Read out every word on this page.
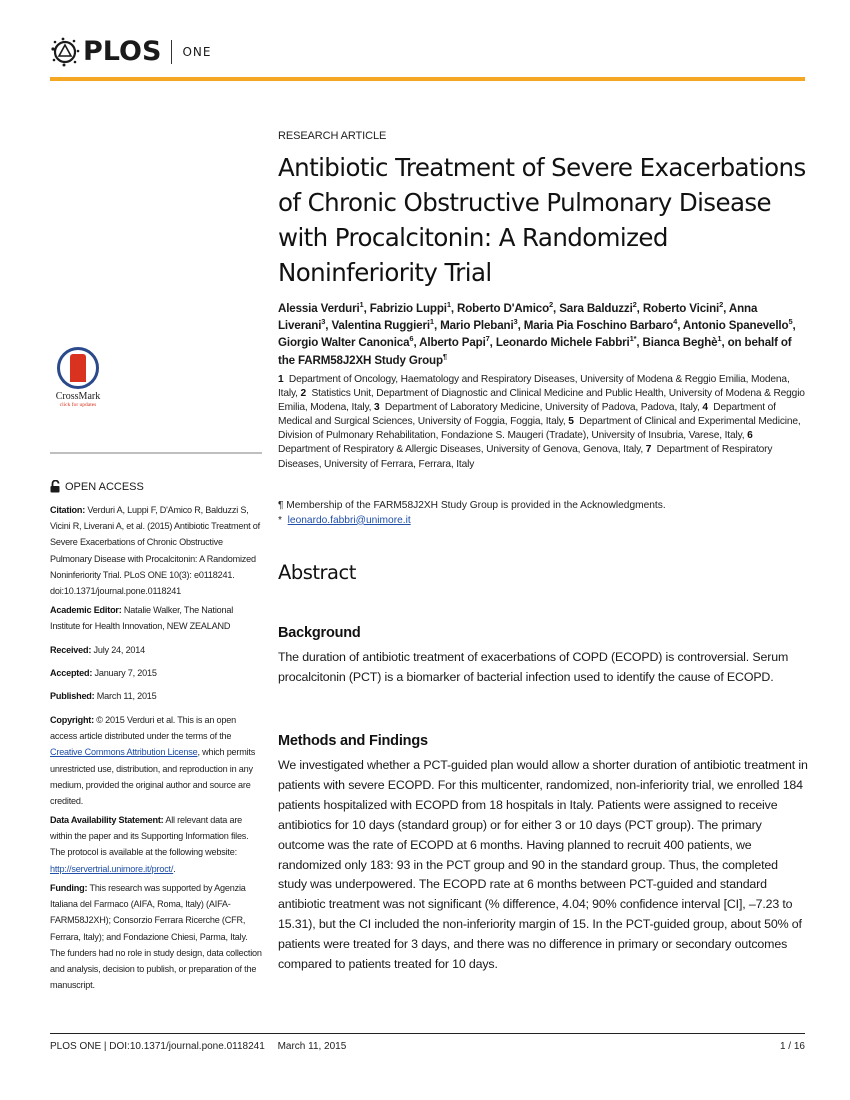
PLOS ONE
CrossMark
click for updates
OPEN ACCESS
Citation: Verduri A, Luppi F, D'Amico R, Balduzzi S, Vicini R, Liverani A, et al. (2015) Antibiotic Treatment of Severe Exacerbations of Chronic Obstructive Pulmonary Disease with Procalcitonin: A Randomized Noninferiority Trial. PLoS ONE 10(3): e0118241. doi:10.1371/journal.pone.0118241
Academic Editor: Natalie Walker, The National Institute for Health Innovation, NEW ZEALAND
Received: July 24, 2014
Accepted: January 7, 2015
Published: March 11, 2015
Copyright: © 2015 Verduri et al. This is an open access article distributed under the terms of the Creative Commons Attribution License, which permits unrestricted use, distribution, and reproduction in any medium, provided the original author and source are credited.
Data Availability Statement: All relevant data are within the paper and its Supporting Information files. The protocol is available at the following website: http://servertrial.unimore.it/proct/.
Funding: This research was supported by Agenzia Italiana del Farmaco (AIFA, Roma, Italy) (AIFA-FARM58J2XH); Consorzio Ferrara Ricerche (CFR, Ferrara, Italy); and Fondazione Chiesi, Parma, Italy. The funders had no role in study design, data collection and analysis, decision to publish, or preparation of the manuscript.
RESEARCH ARTICLE
Antibiotic Treatment of Severe Exacerbations of Chronic Obstructive Pulmonary Disease with Procalcitonin: A Randomized Noninferiority Trial
Alessia Verduri$^1$, Fabrizio Luppi$^1$, Roberto D'Amico$^2$, Sara Balduzzi$^2$, Roberto Vicini$^2$, Anna Liverani$^3$, Valentina Ruggieri$^1$, Mario Plebani$^3$, Maria Pia Foschino Barbaro$^4$, Antonio Spanevello$^5$, Giorgio Walter Canonica$^6$, Alberto Papi$^7$, Leonardo Michele Fabbri$^{1*}$, Bianca Beghè$^1$, on behalf of the FARM58J2XH Study Group¶
1  Department of Oncology, Haematology and Respiratory Diseases, University of Modena & Reggio Emilia, Modena, Italy, 2  Statistics Unit, Department of Diagnostic and Clinical Medicine and Public Health, University of Modena & Reggio Emilia, Modena, Italy, 3  Department of Laboratory Medicine, University of Padova, Padova, Italy, 4  Department of Medical and Surgical Sciences, University of Foggia, Foggia, Italy, 5  Department of Clinical and Experimental Medicine, Division of Pulmonary Rehabilitation, Fondazione S. Maugeri (Tradate), University of Insubria, Varese, Italy, 6  Department of Respiratory & Allergic Diseases, University of Genova, Genova, Italy, 7  Department of Respiratory Diseases, University of Ferrara, Ferrara, Italy
¶ Membership of the FARM58J2XH Study Group is provided in the Acknowledgments.
* leonardo.fabbri@unimore.it
Abstract
Background
The duration of antibiotic treatment of exacerbations of COPD (ECOPD) is controversial. Serum procalcitonin (PCT) is a biomarker of bacterial infection used to identify the cause of ECOPD.
Methods and Findings
We investigated whether a PCT-guided plan would allow a shorter duration of antibiotic treatment in patients with severe ECOPD. For this multicenter, randomized, non-inferiority trial, we enrolled 184 patients hospitalized with ECOPD from 18 hospitals in Italy. Patients were assigned to receive antibiotics for 10 days (standard group) or for either 3 or 10 days (PCT group). The primary outcome was the rate of ECOPD at 6 months. Having planned to recruit 400 patients, we randomized only 183: 93 in the PCT group and 90 in the standard group. Thus, the completed study was underpowered. The ECOPD rate at 6 months between PCT-guided and standard antibiotic treatment was not significant (% difference, 4.04; 90% confidence interval [CI], –7.23 to 15.31), but the CI included the non-inferiority margin of 15. In the PCT-guided group, about 50% of patients were treated for 3 days, and there was no difference in primary or secondary outcomes compared to patients treated for 10 days.
PLOS ONE | DOI:10.1371/journal.pone.0118241 March 11, 2015	1 / 16
